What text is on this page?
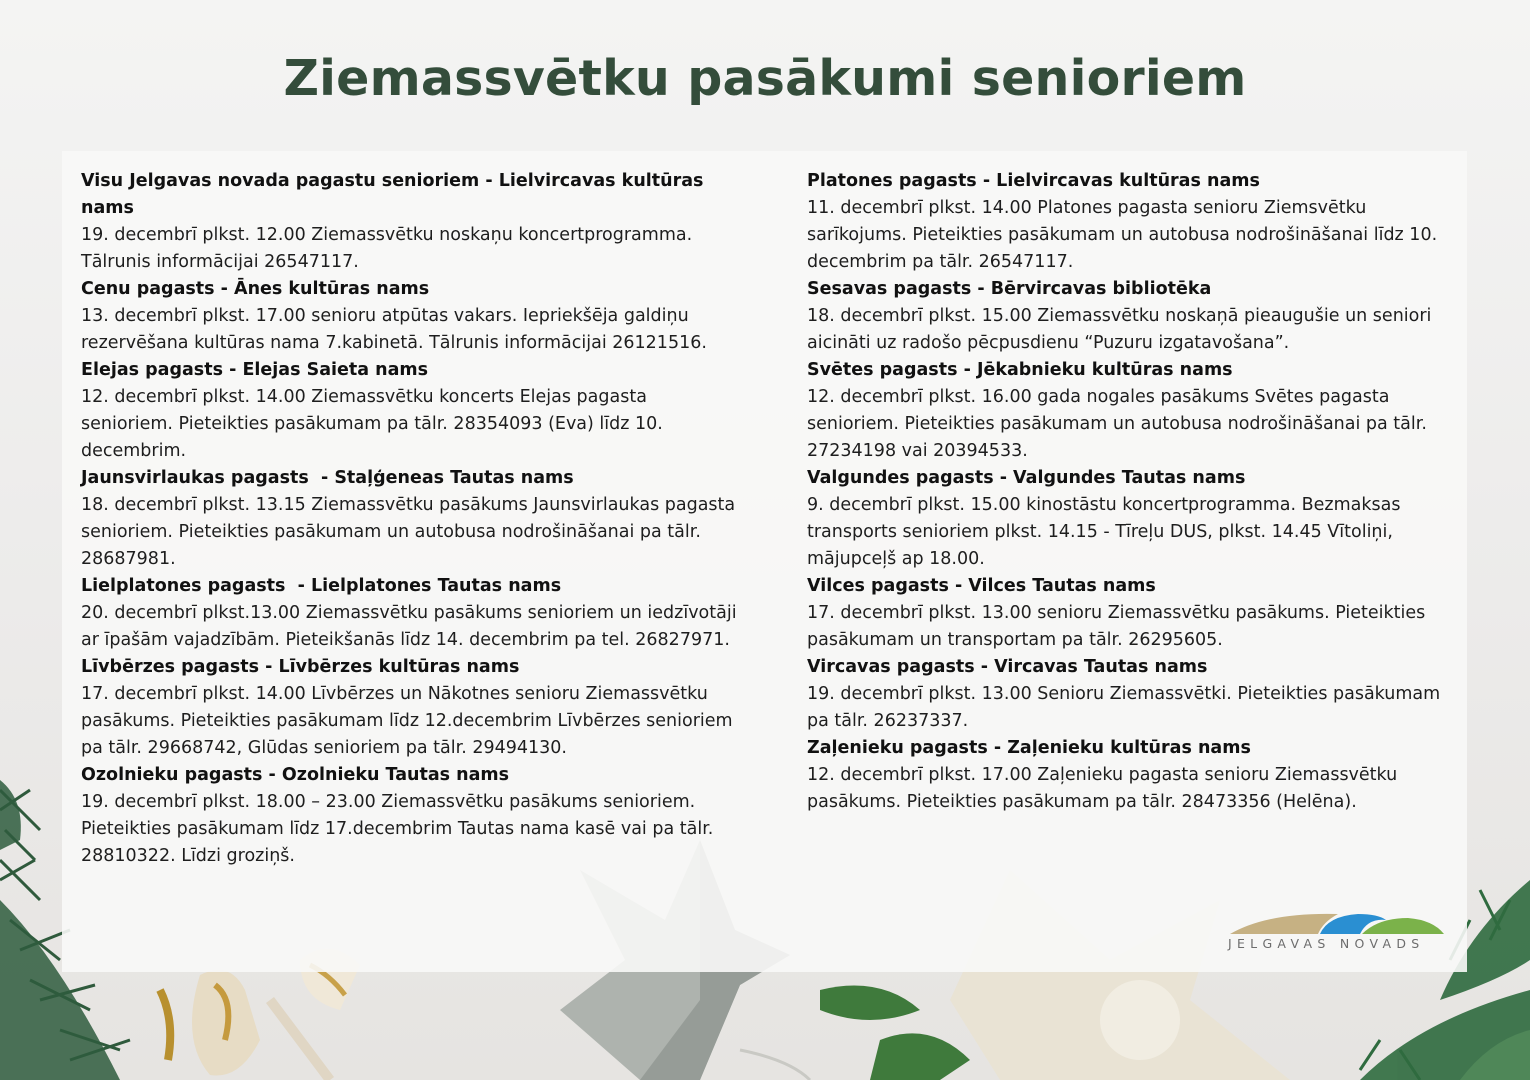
Ziemassvētku pasākumi senioriem
Visu Jelgavas novada pagastu senioriem - Lielvircavas kultūras nams
19. decembrī plkst. 12.00 Ziemassvētku noskaņu koncertprogramma. Tālrunis informācijai 26547117.
Cenu pagasts - Ānes kultūras nams
13. decembrī plkst. 17.00 senioru atpūtas vakars. Iepriekšēja galdiņu rezervēšana kultūras nama 7.kabinetā. Tālrunis informācijai 26121516.
Elejas pagasts - Elejas Saieta nams
12. decembrī plkst. 14.00 Ziemassvētku koncerts Elejas pagasta senioriem. Pieteikties pasākumam pa tālr. 28354093 (Eva) līdz 10. decembrim.
Jaunsvirlaukas pagasts  - Staļģeneas Tautas nams
18. decembrī plkst. 13.15 Ziemassvētku pasākums Jaunsvirlaukas pagasta senioriem. Pieteikties pasākumam un autobusa nodrošināšanai pa tālr. 28687981.
Lielplatones pagasts  - Lielplatones Tautas nams
20. decembrī plkst.13.00 Ziemassvētku pasākums senioriem un iedzīvotāji ar īpašām vajadzībām. Pieteikšanās līdz 14. decembrim pa tel. 26827971.
Līvbērzes pagasts - Līvbērzes kultūras nams
17. decembrī plkst. 14.00 Līvbērzes un Nākotnes senioru Ziemassvētku pasākums. Pieteikties pasākumam līdz 12.decembrim Līvbērzes senioriem pa tālr. 29668742, Glūdas senioriem pa tālr. 29494130.
Ozolnieku pagasts - Ozolnieku Tautas nams
19. decembrī plkst. 18.00 – 23.00 Ziemassvētku pasākums senioriem. Pieteikties pasākumam līdz 17.decembrim Tautas nama kasē vai pa tālr. 28810322. Līdzi groziņš.
Platones pagasts - Lielvircavas kultūras nams
11. decembrī plkst. 14.00 Platones pagasta senioru Ziemsvētku sarīkojums. Pieteikties pasākumam un autobusa nodrošināšanai līdz 10. decembrim pa tālr. 26547117.
Sesavas pagasts - Bērvircavas bibliotēka
18. decembrī plkst. 15.00 Ziemassvētku noskaņā pieaugušie un seniori aicināti uz radošo pēcpusdienu “Puzuru izgatavošana”.
Svētes pagasts - Jēkabnieku kultūras nams
12. decembrī plkst. 16.00 gada nogales pasākums Svētes pagasta senioriem. Pieteikties pasākumam un autobusa nodrošināšanai pa tālr. 27234198 vai 20394533.
Valgundes pagasts - Valgundes Tautas nams
9. decembrī plkst. 15.00 kinostāstu koncertprogramma. Bezmaksas transports senioriem plkst. 14.15 - Tīreļu DUS, plkst. 14.45 Vītoliņi, mājupceļš ap 18.00.
Vilces pagasts - Vilces Tautas nams
17. decembrī plkst. 13.00 senioru Ziemassvētku pasākums. Pieteikties pasākumam un transportam pa tālr. 26295605.
Vircavas pagasts - Vircavas Tautas nams
19. decembrī plkst. 13.00 Senioru Ziemassvētki. Pieteikties pasākumam pa tālr. 26237337.
Zaļenieku pagasts - Zaļenieku kultūras nams
12. decembrī plkst. 17.00 Zaļenieku pagasta senioru Ziemassvētku pasākums. Pieteikties pasākumam pa tālr. 28473356 (Helēna).
JELGAVAS NOVADS
